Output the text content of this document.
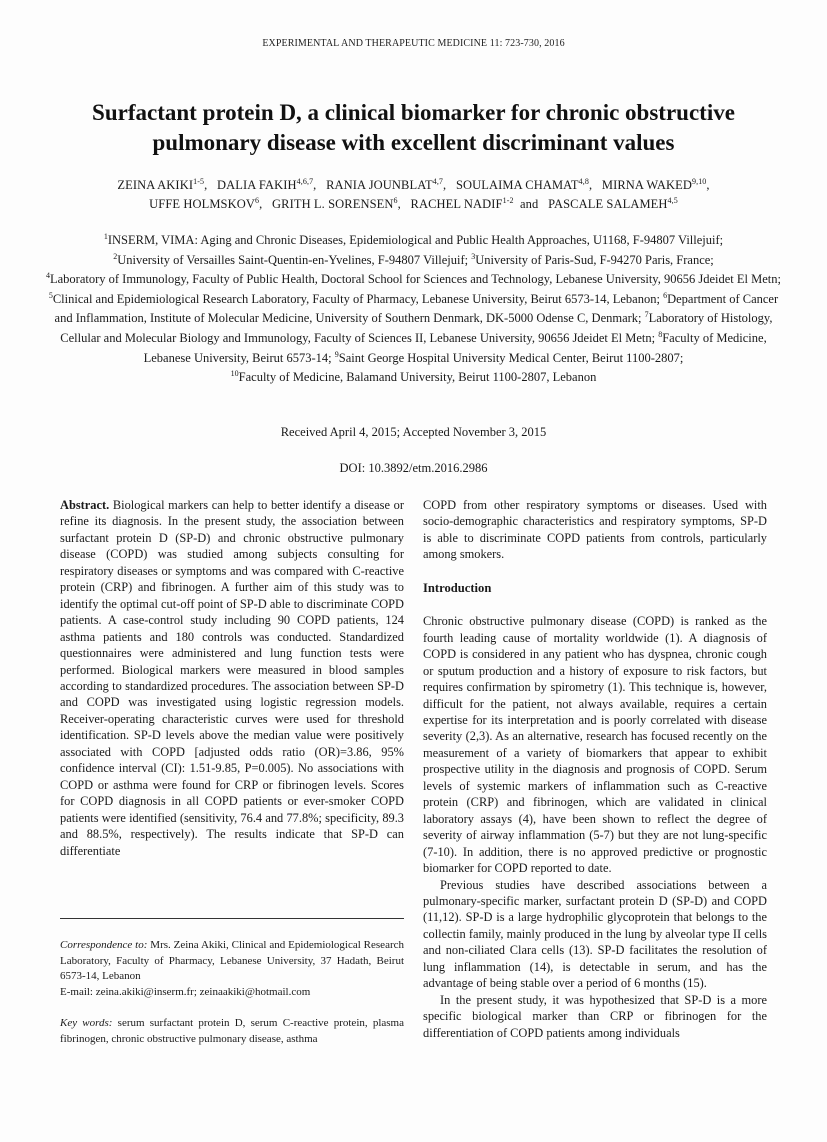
EXPERIMENTAL AND THERAPEUTIC MEDICINE 11: 723-730, 2016
Surfactant protein D, a clinical biomarker for chronic obstructive
pulmonary disease with excellent discriminant values
ZEINA AKIKI$^{1-5}$,   DALIA FAKIH$^{4,6,7}$,   RANIA JOUNBLAT$^{4,7}$,   SOULAIMA CHAMAT$^{4,8}$,   MIRNA WAKED$^{9,10}$,
UFFE HOLMSKOV$^6$,   GRITH L. SORENSEN$^6$,   RACHEL NADIF$^{1-2}$  and   PASCALE SALAMEH$^{4,5}$
$^1$INSERM, VIMA: Aging and Chronic Diseases, Epidemiological and Public Health Approaches, U1168, F-94807 Villejuif;
$^2$University of Versailles Saint-Quentin-en-Yvelines, F-94807 Villejuif; $^3$University of Paris-Sud, F-94270 Paris, France;
$^4$Laboratory of Immunology, Faculty of Public Health, Doctoral School for Sciences and Technology, Lebanese University, 90656 Jdeidet El Metn; $^5$Clinical and Epidemiological Research Laboratory, Faculty of Pharmacy, Lebanese University, Beirut 6573-14, Lebanon; $^6$Department of Cancer and Inflammation, Institute of Molecular Medicine, University of Southern Denmark, DK-5000 Odense C, Denmark; $^7$Laboratory of Histology, Cellular and Molecular Biology and Immunology, Faculty of Sciences II, Lebanese University, 90656 Jdeidet El Metn; $^8$Faculty of Medicine, Lebanese University, Beirut 6573-14; $^9$Saint George Hospital University Medical Center, Beirut 1100-2807;
$^{10}$Faculty of Medicine, Balamand University, Beirut 1100-2807, Lebanon
Received April 4, 2015; Accepted November 3, 2015
DOI: 10.3892/etm.2016.2986

Abstract. Biological markers can help to better identify a disease or refine its diagnosis. In the present study, the association between surfactant protein D (SP-D) and chronic obstructive pulmonary disease (COPD) was studied among subjects consulting for respiratory diseases or symptoms and was compared with C-reactive protein (CRP) and fibrinogen. A further aim of this study was to identify the optimal cut-off point of SP-D able to discriminate COPD patients. A case-control study including 90 COPD patients, 124 asthma patients and 180 controls was conducted. Standardized questionnaires were administered and lung function tests were performed. Biological markers were measured in blood samples according to standardized procedures. The association between SP-D and COPD was investigated using logistic regression models. Receiver-operating characteristic curves were used for threshold identification. SP-D levels above the median value were positively associated with COPD [adjusted odds ratio (OR)=3.86, 95% confidence interval (CI): 1.51-9.85, P=0.005). No associations with COPD or asthma were found for CRP or fibrinogen levels. Scores for COPD diagnosis in all COPD patients or ever-smoker COPD patients were identified (sensitivity, 76.4 and 77.8%; specificity, 89.3 and 88.5%, respectively). The results indicate that SP-D can differentiate

Correspondence to: Mrs. Zeina Akiki, Clinical and Epidemiological Research Laboratory, Faculty of Pharmacy, Lebanese University, 37 Hadath, Beirut 6573-14, Lebanon

E-mail: zeina.akiki@inserm.fr; zeinaakiki@hotmail.com

Key words: serum surfactant protein D, serum C-reactive protein, plasma fibrinogen, chronic obstructive pulmonary disease, asthma

COPD from other respiratory symptoms or diseases. Used with socio-demographic characteristics and respiratory symptoms, SP-D is able to discriminate COPD patients from controls, particularly among smokers.

Introduction

Chronic obstructive pulmonary disease (COPD) is ranked as the fourth leading cause of mortality worldwide (1). A diagnosis of COPD is considered in any patient who has dyspnea, chronic cough or sputum production and a history of exposure to risk factors, but requires confirmation by spirometry (1). This technique is, however, difficult for the patient, not always available, requires a certain expertise for its interpretation and is poorly correlated with disease severity (2,3). As an alternative, research has focused recently on the measurement of a variety of biomarkers that appear to exhibit prospective utility in the diagnosis and prognosis of COPD. Serum levels of systemic markers of inflammation such as C-reactive protein (CRP) and fibrinogen, which are validated in clinical laboratory assays (4), have been shown to reflect the degree of severity of airway inflammation (5-7) but they are not lung-specific (7-10). In addition, there is no approved predictive or prognostic biomarker for COPD reported to date.

Previous studies have described associations between a pulmonary-specific marker, surfactant protein D (SP-D) and COPD (11,12). SP-D is a large hydrophilic glycoprotein that belongs to the collectin family, mainly produced in the lung by alveolar type II cells and non-ciliated Clara cells (13). SP-D facilitates the resolution of lung inflammation (14), is detectable in serum, and has the advantage of being stable over a period of 6 months (15).

In the present study, it was hypothesized that SP-D is a more specific biological marker than CRP or fibrinogen for the differentiation of COPD patients among individuals
